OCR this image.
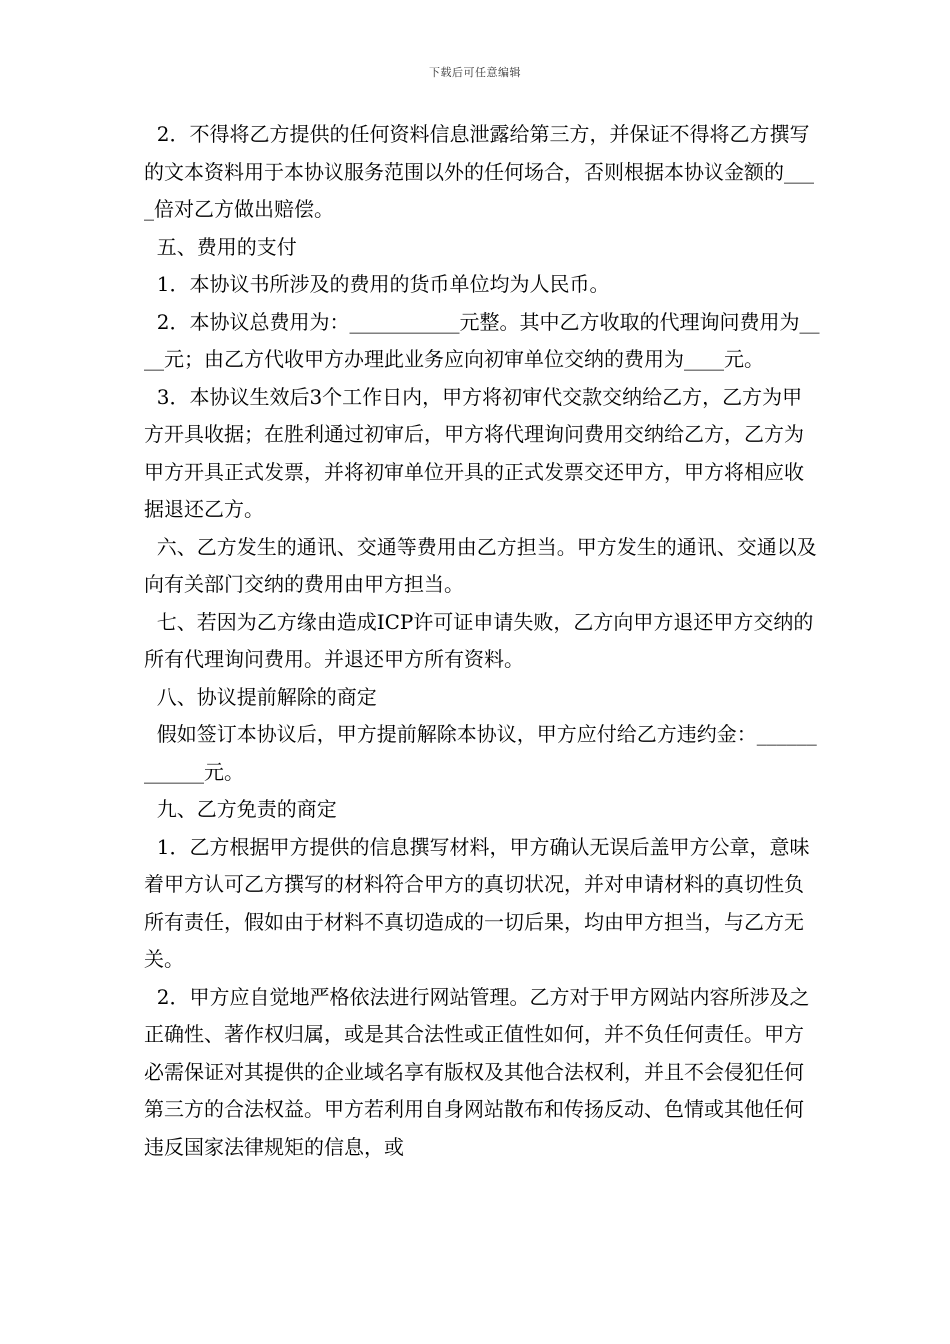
下载后可任意编辑

2．不得将乙方提供的任何资料信息泄露给第三方，并保证不得将乙方撰写的文本资料用于本协议服务范围以外的任何场合，否则根据本协议金额的____倍对乙方做出赔偿。

五、费用的支付

1．本协议书所涉及的费用的货币单位均为人民币。

2．本协议总费用为：___________元整。其中乙方收取的代理询问费用为____元；由乙方代收甲方办理此业务应向初审单位交纳的费用为____元。

3．本协议生效后3个工作日内，甲方将初审代交款交纳给乙方，乙方为甲方开具收据；在胜利通过初审后，甲方将代理询问费用交纳给乙方，乙方为甲方开具正式发票，并将初审单位开具的正式发票交还甲方，甲方将相应收据退还乙方。

六、乙方发生的通讯、交通等费用由乙方担当。甲方发生的通讯、交通以及向有关部门交纳的费用由甲方担当。

七、若因为乙方缘由造成ICP许可证申请失败，乙方向甲方退还甲方交纳的所有代理询问费用。并退还甲方所有资料。

八、协议提前解除的商定

假如签订本协议后，甲方提前解除本协议，甲方应付给乙方违约金：____________元。

九、乙方免责的商定

1．乙方根据甲方提供的信息撰写材料，甲方确认无误后盖甲方公章，意味着甲方认可乙方撰写的材料符合甲方的真切状况，并对申请材料的真切性负所有责任，假如由于材料不真切造成的一切后果，均由甲方担当，与乙方无关。

2．甲方应自觉地严格依法进行网站管理。乙方对于甲方网站内容所涉及之正确性、著作权归属，或是其合法性或正值性如何，并不负任何责任。甲方必需保证对其提供的企业域名享有版权及其他合法权利，并且不会侵犯任何第三方的合法权益。甲方若利用自身网站散布和传扬反动、色情或其他任何违反国家法律规矩的信息，或
